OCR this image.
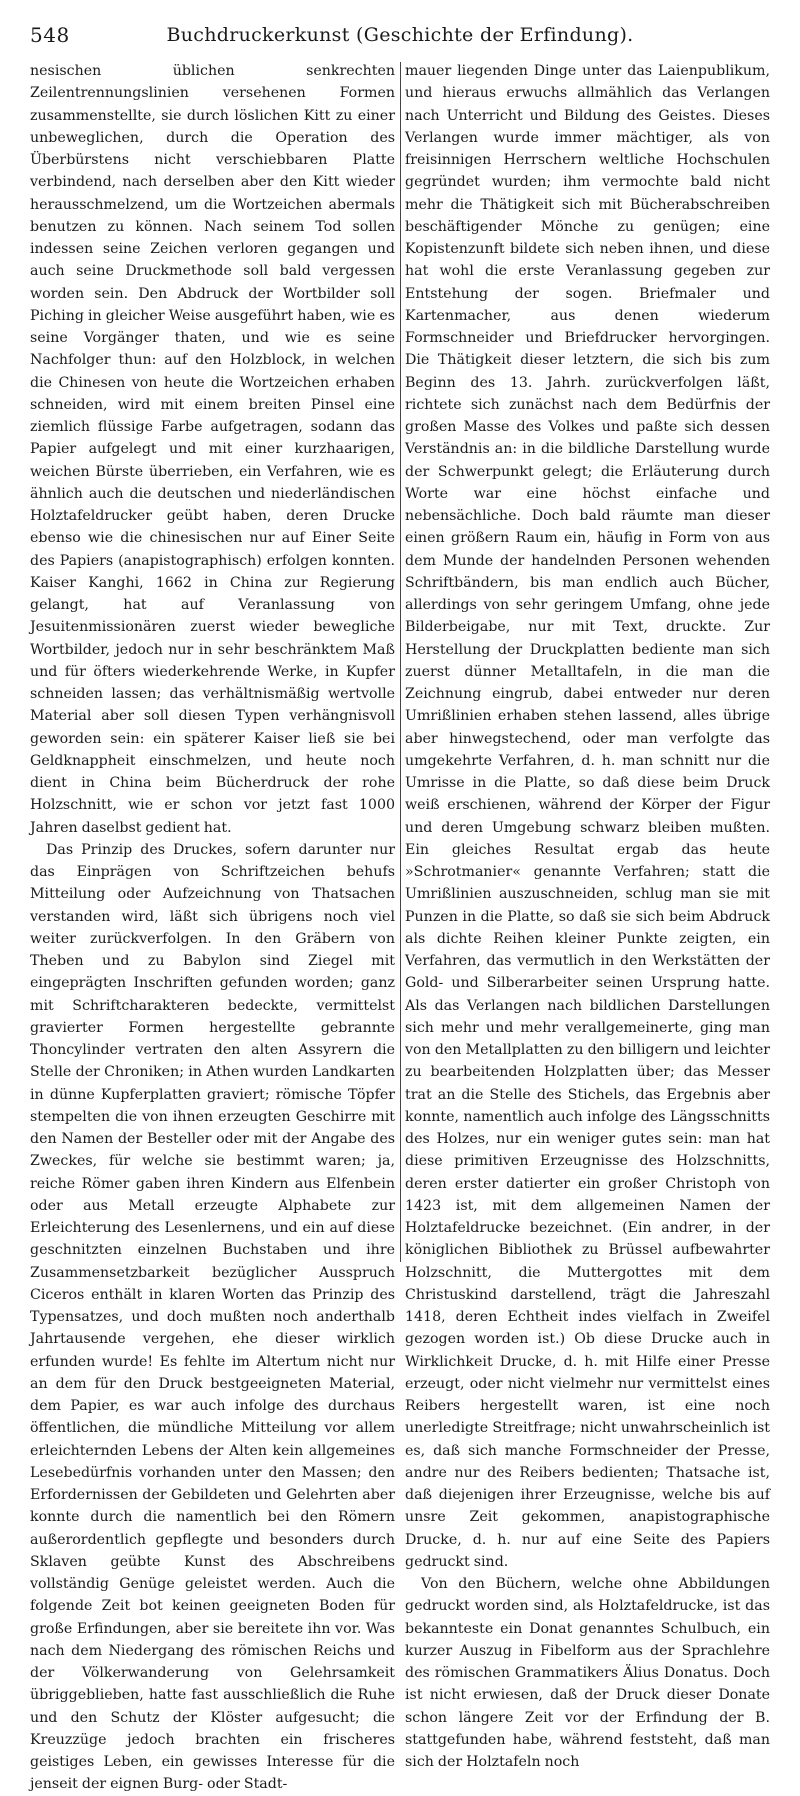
548	Buchdruckerkunst (Geschichte der Erfindung).

nesischen üblichen senkrechten Zeilentrennungslinien versehenen Formen zusammenstellte, sie durch löslichen Kitt zu einer unbeweglichen, durch die Operation des Überbürstens nicht verschiebbaren Platte verbindend, nach derselben aber den Kitt wieder herausschmelzend, um die Wortzeichen abermals benutzen zu können. Nach seinem Tod sollen indessen seine Zeichen verloren gegangen und auch seine Druckmethode soll bald vergessen worden sein. Den Abdruck der Wortbilder soll Piching in gleicher Weise ausgeführt haben, wie es seine Vorgänger thaten, und wie es seine Nachfolger thun: auf den Holzblock, in welchen die Chinesen von heute die Wortzeichen erhaben schneiden, wird mit einem breiten Pinsel eine ziemlich flüssige Farbe aufgetragen, sodann das Papier aufgelegt und mit einer kurzhaarigen, weichen Bürste überrieben, ein Verfahren, wie es ähnlich auch die deutschen und niederländischen Holztafeldrucker geübt haben, deren Drucke ebenso wie die chinesischen nur auf Einer Seite des Papiers (anapistographisch) erfolgen konnten. Kaiser Kanghi, 1662 in China zur Regierung gelangt, hat auf Veranlassung von Jesuitenmissionären zuerst wieder bewegliche Wortbilder, jedoch nur in sehr beschränktem Maß und für öfters wiederkehrende Werke, in Kupfer schneiden lassen; das verhältnismäßig wertvolle Material aber soll diesen Typen verhängnisvoll geworden sein: ein späterer Kaiser ließ sie bei Geldknappheit einschmelzen, und heute noch dient in China beim Bücherdruck der rohe Holzschnitt, wie er schon vor jetzt fast 1000 Jahren daselbst gedient hat.

Das Prinzip des Druckes, sofern darunter nur das Einprägen von Schriftzeichen behufs Mitteilung oder Aufzeichnung von Thatsachen verstanden wird, läßt sich übrigens noch viel weiter zurückverfolgen. In den Gräbern von Theben und zu Babylon sind Ziegel mit eingeprägten Inschriften gefunden worden; ganz mit Schriftcharakteren bedeckte, vermittelst gravierter Formen hergestellte gebrannte Thoncylinder vertraten den alten Assyrern die Stelle der Chroniken; in Athen wurden Landkarten in dünne Kupferplatten graviert; römische Töpfer stempelten die von ihnen erzeugten Geschirre mit den Namen der Besteller oder mit der Angabe des Zweckes, für welche sie bestimmt waren; ja, reiche Römer gaben ihren Kindern aus Elfenbein oder aus Metall erzeugte Alphabete zur Erleichterung des Lesenlernens, und ein auf diese geschnitzten einzelnen Buchstaben und ihre Zusammensetzbarkeit bezüglicher Ausspruch Ciceros enthält in klaren Worten das Prinzip des Typensatzes, und doch mußten noch anderthalb Jahrtausende vergehen, ehe dieser wirklich erfunden wurde! Es fehlte im Altertum nicht nur an dem für den Druck bestgeeigneten Material, dem Papier, es war auch infolge des durchaus öffentlichen, die mündliche Mitteilung vor allem erleichternden Lebens der Alten kein allgemeines Lesebedürfnis vorhanden unter den Massen; den Erfordernissen der Gebildeten und Gelehrten aber konnte durch die namentlich bei den Römern außerordentlich gepflegte und besonders durch Sklaven geübte Kunst des Abschreibens vollständig Genüge geleistet werden. Auch die folgende Zeit bot keinen geeigneten Boden für große Erfindungen, aber sie bereitete ihn vor. Was nach dem Niedergang des römischen Reichs und der Völkerwanderung von Gelehrsamkeit übriggeblieben, hatte fast ausschließlich die Ruhe und den Schutz der Klöster aufgesucht; die Kreuzzüge jedoch brachten ein frischeres geistiges Leben, ein gewisses Interesse für die jenseit der eignen Burg- oder Stadt-

mauer liegenden Dinge unter das Laienpublikum, und hieraus erwuchs allmählich das Verlangen nach Unterricht und Bildung des Geistes. Dieses Verlangen wurde immer mächtiger, als von freisinnigen Herrschern weltliche Hochschulen gegründet wurden; ihm vermochte bald nicht mehr die Thätigkeit sich mit Bücherabschreiben beschäftigender Mönche zu genügen; eine Kopistenzunft bildete sich neben ihnen, und diese hat wohl die erste Veranlassung gegeben zur Entstehung der sogen. Briefmaler und Kartenmacher, aus denen wiederum Formschneider und Briefdrucker hervorgingen. Die Thätigkeit dieser letztern, die sich bis zum Beginn des 13. Jahrh. zurückverfolgen läßt, richtete sich zunächst nach dem Bedürfnis der großen Masse des Volkes und paßte sich dessen Verständnis an: in die bildliche Darstellung wurde der Schwerpunkt gelegt; die Erläuterung durch Worte war eine höchst einfache und nebensächliche. Doch bald räumte man dieser einen größern Raum ein, häufig in Form von aus dem Munde der handelnden Personen wehenden Schriftbändern, bis man endlich auch Bücher, allerdings von sehr geringem Umfang, ohne jede Bilderbeigabe, nur mit Text, druckte. Zur Herstellung der Druckplatten bediente man sich zuerst dünner Metalltafeln, in die man die Zeichnung eingrub, dabei entweder nur deren Umrißlinien erhaben stehen lassend, alles übrige aber hinwegstechend, oder man verfolgte das umgekehrte Verfahren, d. h. man schnitt nur die Umrisse in die Platte, so daß diese beim Druck weiß erschienen, während der Körper der Figur und deren Umgebung schwarz bleiben mußten. Ein gleiches Resultat ergab das heute »Schrotmanier« genannte Verfahren; statt die Umrißlinien auszuschneiden, schlug man sie mit Punzen in die Platte, so daß sie sich beim Abdruck als dichte Reihen kleiner Punkte zeigten, ein Verfahren, das vermutlich in den Werkstätten der Gold- und Silberarbeiter seinen Ursprung hatte. Als das Verlangen nach bildlichen Darstellungen sich mehr und mehr verallgemeinerte, ging man von den Metallplatten zu den billigern und leichter zu bearbeitenden Holzplatten über; das Messer trat an die Stelle des Stichels, das Ergebnis aber konnte, namentlich auch infolge des Längsschnitts des Holzes, nur ein weniger gutes sein: man hat diese primitiven Erzeugnisse des Holzschnitts, deren erster datierter ein großer Christoph von 1423 ist, mit dem allgemeinen Namen der Holztafeldrucke bezeichnet. (Ein andrer, in der königlichen Bibliothek zu Brüssel aufbewahrter Holzschnitt, die Muttergottes mit dem Christuskind darstellend, trägt die Jahreszahl 1418, deren Echtheit indes vielfach in Zweifel gezogen worden ist.) Ob diese Drucke auch in Wirklichkeit Drucke, d. h. mit Hilfe einer Presse erzeugt, oder nicht vielmehr nur vermittelst eines Reibers hergestellt waren, ist eine noch unerledigte Streitfrage; nicht unwahrscheinlich ist es, daß sich manche Formschneider der Presse, andre nur des Reibers bedienten; Thatsache ist, daß diejenigen ihrer Erzeugnisse, welche bis auf unsre Zeit gekommen, anapistographische Drucke, d. h. nur auf eine Seite des Papiers gedruckt sind.

Von den Büchern, welche ohne Abbildungen gedruckt worden sind, als Holztafeldrucke, ist das bekannteste ein Donat genanntes Schulbuch, ein kurzer Auszug in Fibelform aus der Sprachlehre des römischen Grammatikers Älius Donatus. Doch ist nicht erwiesen, daß der Druck dieser Donate schon längere Zeit vor der Erfindung der B. stattgefunden habe, während feststeht, daß man sich der Holztafeln noch
